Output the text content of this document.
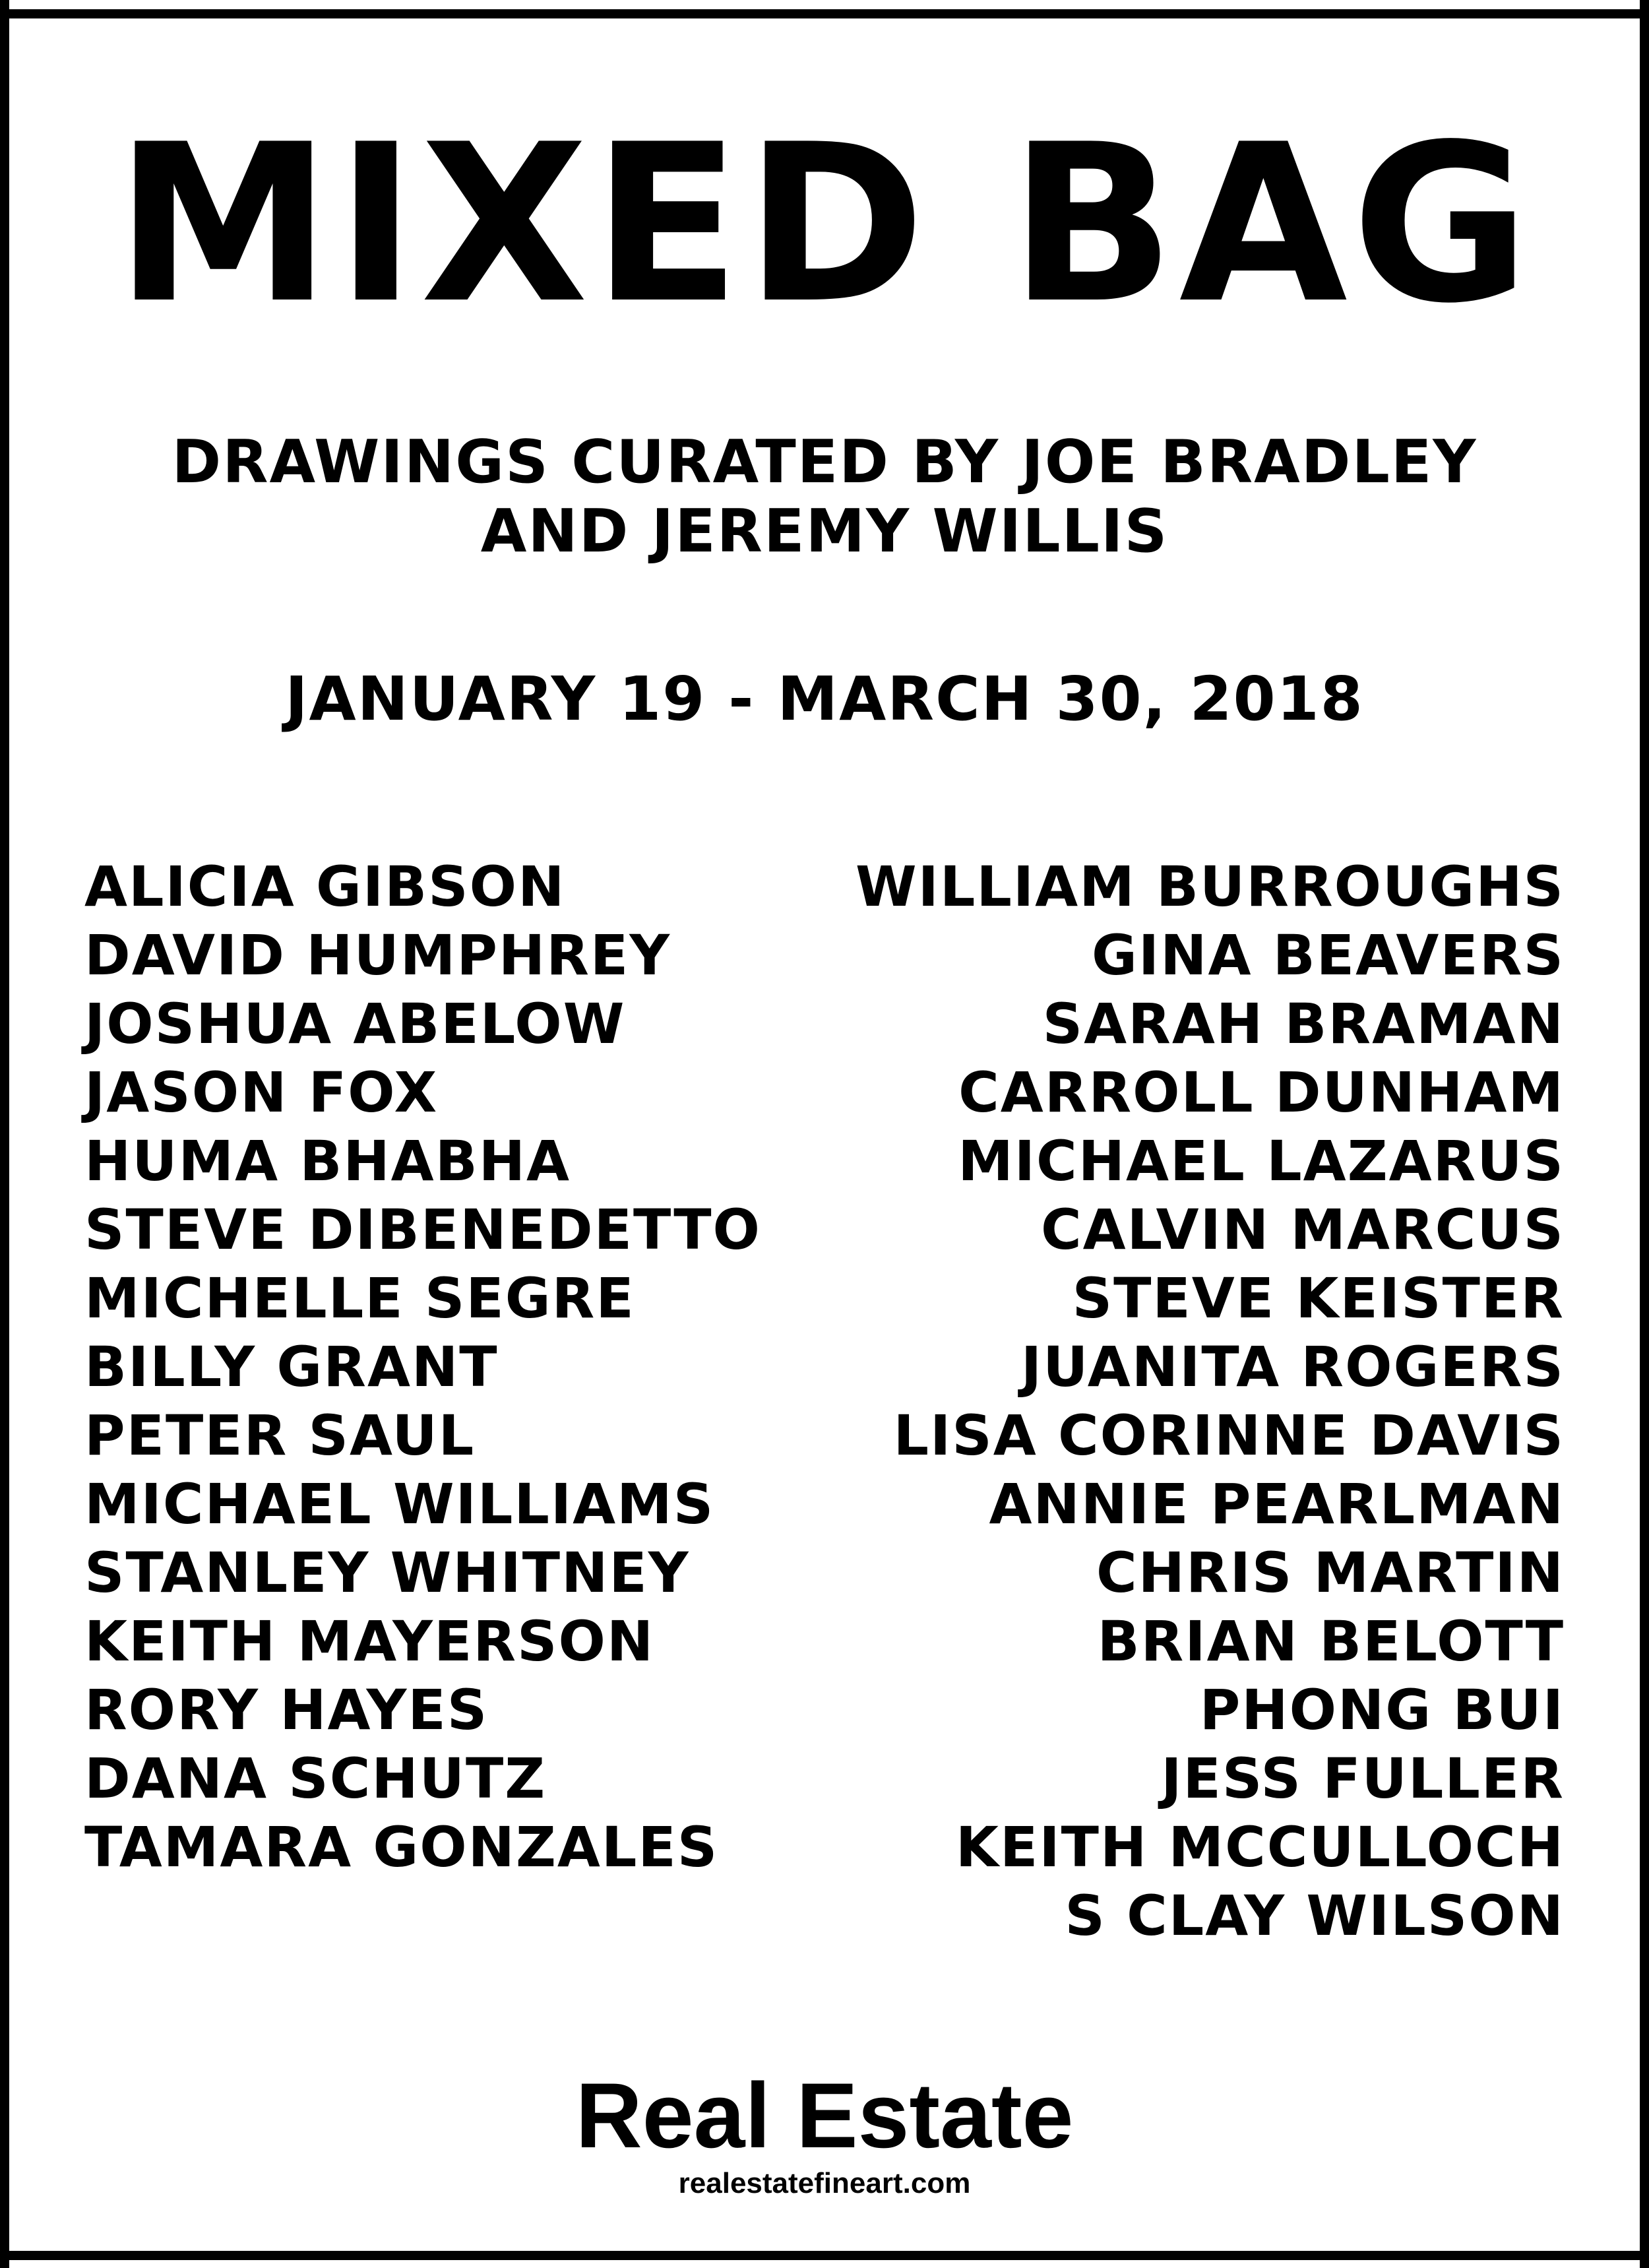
MIXED BAG
DRAWINGS CURATED BY JOE BRADLEY
AND JEREMY WILLIS
JANUARY 19 - MARCH 30, 2018
ALICIA GIBSON
DAVID HUMPHREY
JOSHUA ABELOW
JASON FOX
HUMA BHABHA
STEVE DIBENEDETTO
MICHELLE SEGRE
BILLY GRANT
PETER SAUL
MICHAEL WILLIAMS
STANLEY WHITNEY
KEITH MAYERSON
RORY HAYES
DANA SCHUTZ
TAMARA GONZALES
WILLIAM BURROUGHS
GINA BEAVERS
SARAH BRAMAN
CARROLL DUNHAM
MICHAEL LAZARUS
CALVIN MARCUS
STEVE KEISTER
JUANITA ROGERS
LISA CORINNE DAVIS
ANNIE PEARLMAN
CHRIS MARTIN
BRIAN BELOTT
PHONG BUI
JESS FULLER
KEITH MCCULLOCH
S CLAY WILSON
Real Estate
realestatefineart.com
